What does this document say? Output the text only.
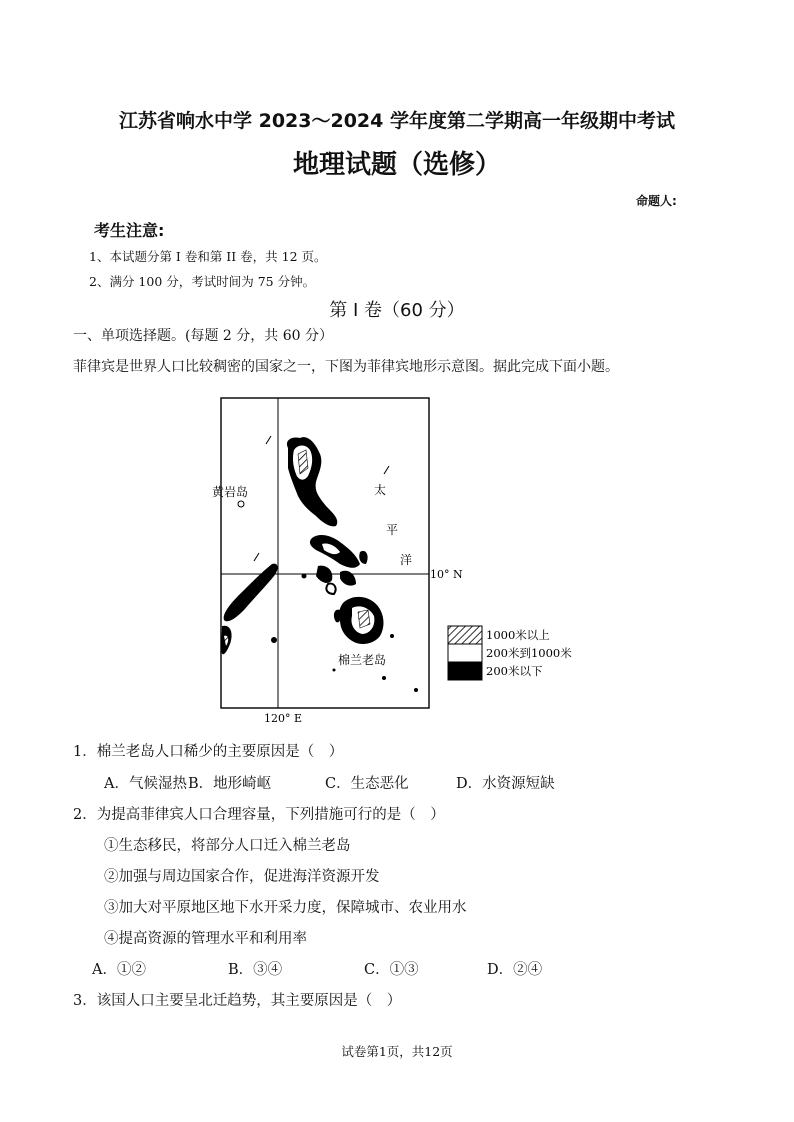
江苏省响水中学 2023～2024 学年度第二学期高一年级期中考试
地理试题（选修）
命题人:
考生注意:
1、本试题分第 I 卷和第 II 卷，共 12 页。
2、满分 100 分，考试时间为 75 分钟。
第 I 卷（60 分）
一、单项选择题。(每题 2 分，共 60 分）
菲律宾是世界人口比较稠密的国家之一，下图为菲律宾地形示意图。据此完成下面小题。
黄岩岛	太
平
洋
10° N
120° E
棉兰老岛
1000米以上
200米到1000米
200米以下
1．棉兰老岛人口稀少的主要原因是（　）
A．气候湿热 B．地形崎岖	C．生态恶化	D．水资源短缺
2．为提高菲律宾人口合理容量，下列措施可行的是（　）
①生态移民，将部分人口迁入棉兰老岛
②加强与周边国家合作，促进海洋资源开发
③加大对平原地区地下水开采力度，保障城市、农业用水
④提高资源的管理水平和利用率
A．①②	B．③④	C．①③	D．②④
3．该国人口主要呈北迁趋势，其主要原因是（　）
试卷第1页，共12页
